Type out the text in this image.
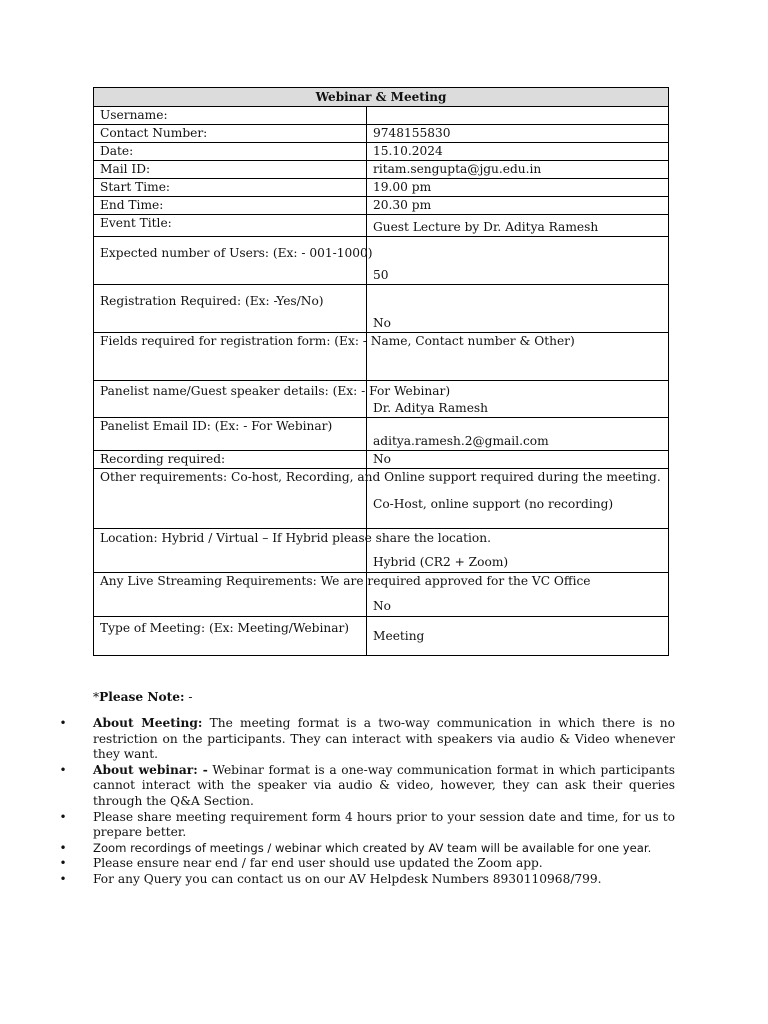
Webinar & Meeting	
Username:	
Contact Number:	9748155830
Date:	15.10.2024
Mail ID:	ritam.sengupta@jgu.edu.in
Start Time:	19.00 pm
End Time:	20.30 pm
Event Title:	Guest Lecture by Dr. Aditya Ramesh
Expected number of Users: (Ex: - 001-1000)	50
Registration Required: (Ex: -Yes/No)	No
Fields required for registration form: (Ex: - Name, Contact number & Other)	
Panelist name/Guest speaker details: (Ex: - For Webinar)	Dr. Aditya Ramesh
Panelist Email ID: (Ex: - For Webinar)	aditya.ramesh.2@gmail.com
Recording required:	No
Other requirements: Co-host, Recording, and Online support required during the meeting.	Co-Host, online support (no recording)
Location: Hybrid / Virtual – If Hybrid please share the location.	Hybrid (CR2 + Zoom)
Any Live Streaming Requirements: We are required approved for the VC Office	No
Type of Meeting: (Ex: Meeting/Webinar)	Meeting
*Please Note: -
• About Meeting: The meeting format is a two-way communication in which there is no restriction on the participants. They can interact with speakers via audio & Video whenever they want.
• About webinar: - Webinar format is a one-way communication format in which participants cannot interact with the speaker via audio & video, however, they can ask their queries through the Q&A Section.
• Please share meeting requirement form 4 hours prior to your session date and time, for us to prepare better.
• Zoom recordings of meetings / webinar which created by AV team will be available for one year.
• Please ensure near end / far end user should use updated the Zoom app.
• For any Query you can contact us on our AV Helpdesk Numbers 8930110968/799.
